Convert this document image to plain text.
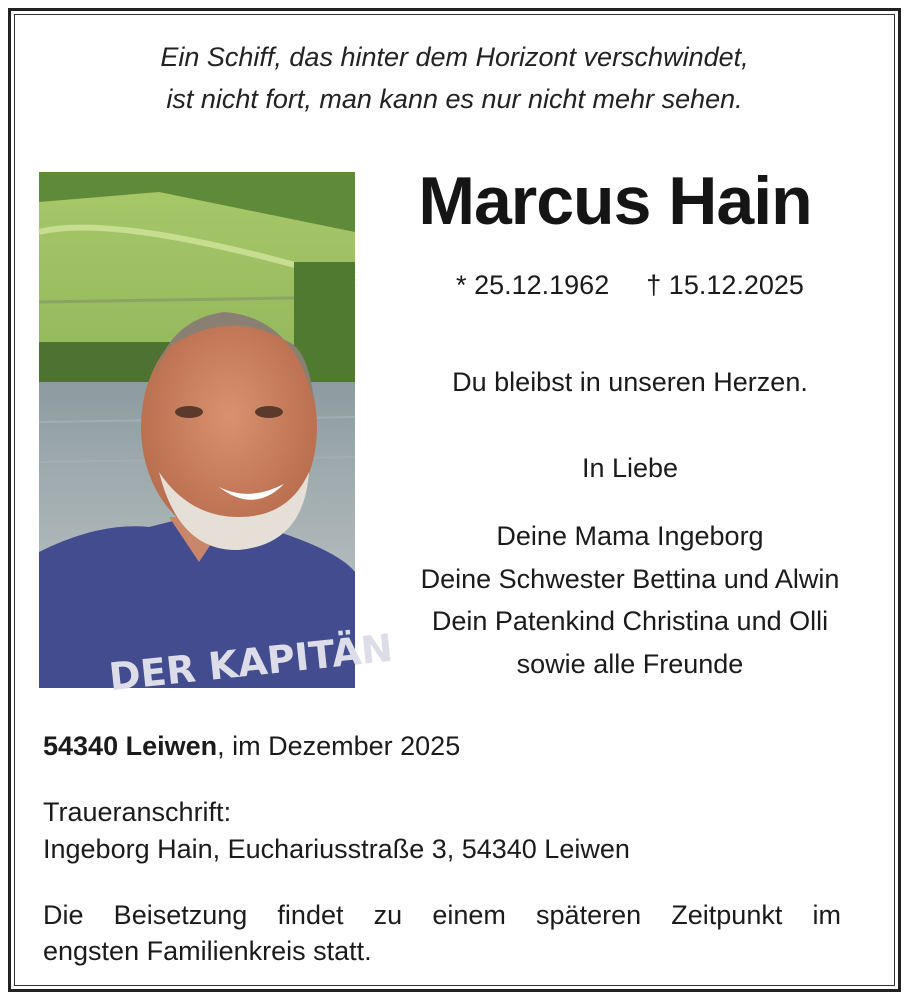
Ein Schiff, das hinter dem Horizont verschwindet,
ist nicht fort, man kann es nur nicht mehr sehen.
DER KAPITÄN
Marcus Hain
* 25.12.1962 † 15.12.2025
Du bleibst in unseren Herzen.
In Liebe
Deine Mama Ingeborg
Deine Schwester Bettina und Alwin
Dein Patenkind Christina und Olli
sowie alle Freunde
54340 Leiwen, im Dezember 2025
Traueranschrift:
Ingeborg Hain, Euchariusstraße 3, 54340 Leiwen
Die Beisetzung findet zu einem späteren Zeitpunkt im
engsten Familienkreis statt.
